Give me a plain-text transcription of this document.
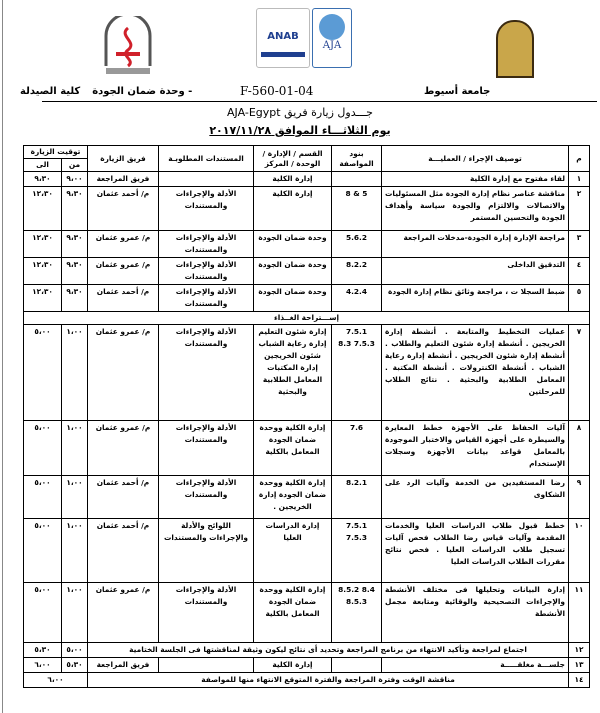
ANAB
AJA
جامعة أسيوط
كلية الصيدلة - وحدة ضمان الجودة	F-560-01-04
جـــدول زيارة فريق AJA-Egypt
يوم الثلاثـــاء الموافق ٢٠١٧/١١/٢٨
م	توصيف الإجراء / العمليـــة	بنود المواصفة	القسم / الإدارة / الوحدة / المركز	المستندات المطلوبـة	فريق الزيارة	توقيت الزيارة	
						من	الى
١	لقاء مفتوح مع إدارة الكلية		إدارة الكلية		فريق المراجعة	٩،٠٠	٩،٣٠
٢	مناقشة عناصر نظام إدارة الجودة مثل المسئوليات والاتصالات والالتزام والجودة سياسة وأهداف الجودة والتحسين المستمر	5 & 8	إدارة الكلية	الأدلة والإجراءات والمستندات	م/ أحمد عثمان	٩،٣٠	١٢،٣٠
٣	مراجعة الإدارة إدارة الجودة-مدخلات المراجعة	5.6.2	وحدة ضمان الجودة	الأدلة والإجراءات والمستندات	م/ عمرو عثمان	٩،٣٠	١٢،٣٠
٤	التدقيق الداخلى	8.2.2	وحدة ضمان الجودة	الأدلة والإجراءات والمستندات	م/ عمرو عثمان	٩،٣٠	١٢،٣٠
٥	ضبط السجلا ت ، مراجعة وثائق نظام إدارة الجودة	4.2.4	وحدة ضمان الجودة	الأدلة والإجراءات والمستندات	م/ أحمد عثمان	٩،٣٠	١٢،٣٠
إســـتراحة الغــذاء							
٧	عمليات التخطيط والمتابعة . أنشطة إدارة الخريجين . أنشطة إدارة شئون التعليم والطلاب . أنشطة إدارة شئون الخريجين . أنشطة إدارة رعاية الشباب . أنشطة الكنترولات . أنشطة المكتبة . المعامل الطلابية والبحثية . نتائج الطلاب للمرحلتين	7.5.1 7.5.3 8.3	إدارة شئون التعليم إدارة رعاية الشباب شئون الخريجين إدارة المكتبات المعامل الطلابية والبحثية	الأدلة والإجراءات والمستندات	م/ عمرو عثمان	١،٠٠	٥،٠٠
٨	آليات الحفاظ على الأجهزة خطط المعايرة والسيطرة على أجهزة القياس والاختبار الموجودة بالمعامل قواعد بيانات الأجهزة وسجلات الإستخدام	7.6	إدارة الكلية ووحدة ضمان الجودة المعامل بالكلية	الأدلة والإجراءات والمستندات	م/ عمرو عثمان	١،٠٠	٥،٠٠
٩	رضا المستفيدين من الخدمة وآليات الرد على الشكاوى	8.2.1	إدارة الكلية ووحدة ضمان الجودة إدارة الخريجين .	الأدلة والإجراءات والمستندات	م/ أحمد عثمان	١،٠٠	٥،٠٠
١٠	خطط قبول طلاب الدراسات العليا والخدمات المقدمة وآليات قياس رضا الطلاب فحص آليات تسجيل طلاب الدراسات العليا . فحص نتائج مقررات الطلاب الدراسات العليا	7.5.1 7.5.3	إدارة الدراسات العليا	اللوائح والأدلة والإجراءات والمستندات	م/ أحمد عثمان	١،٠٠	٥،٠٠
١١	إدارة البيانات وتحليلها فى مختلف الأنشطة والإجراءات التصحيحية والوقائية ومتابعة مجمل الأنشطة	8.4 8.5.2 8.5.3	إدارة الكلية ووحدة ضمان الجودة المعامل بالكلية	الأدلة والإجراءات والمستندات	م/ عمرو عثمان	١،٠٠	٥،٠٠
١٢	اجتماع لمراجعة وتأكيد الانتهاء من برنامج المراجعة وتحديد أى نتائج ليكون وثيقة لمناقشتها فى الجلسة الختامية					٥،٠٠	٥،٣٠
١٣	جلســـة مغلقـــــة		إدارة الكلية		فريق المراجعة	٥،٣٠	٦،٠٠
١٤	مناقشة الوقت وفترة المراجعة والفترة المتوقع الانتهاء منها للمواصفة					٦،٠٠	
